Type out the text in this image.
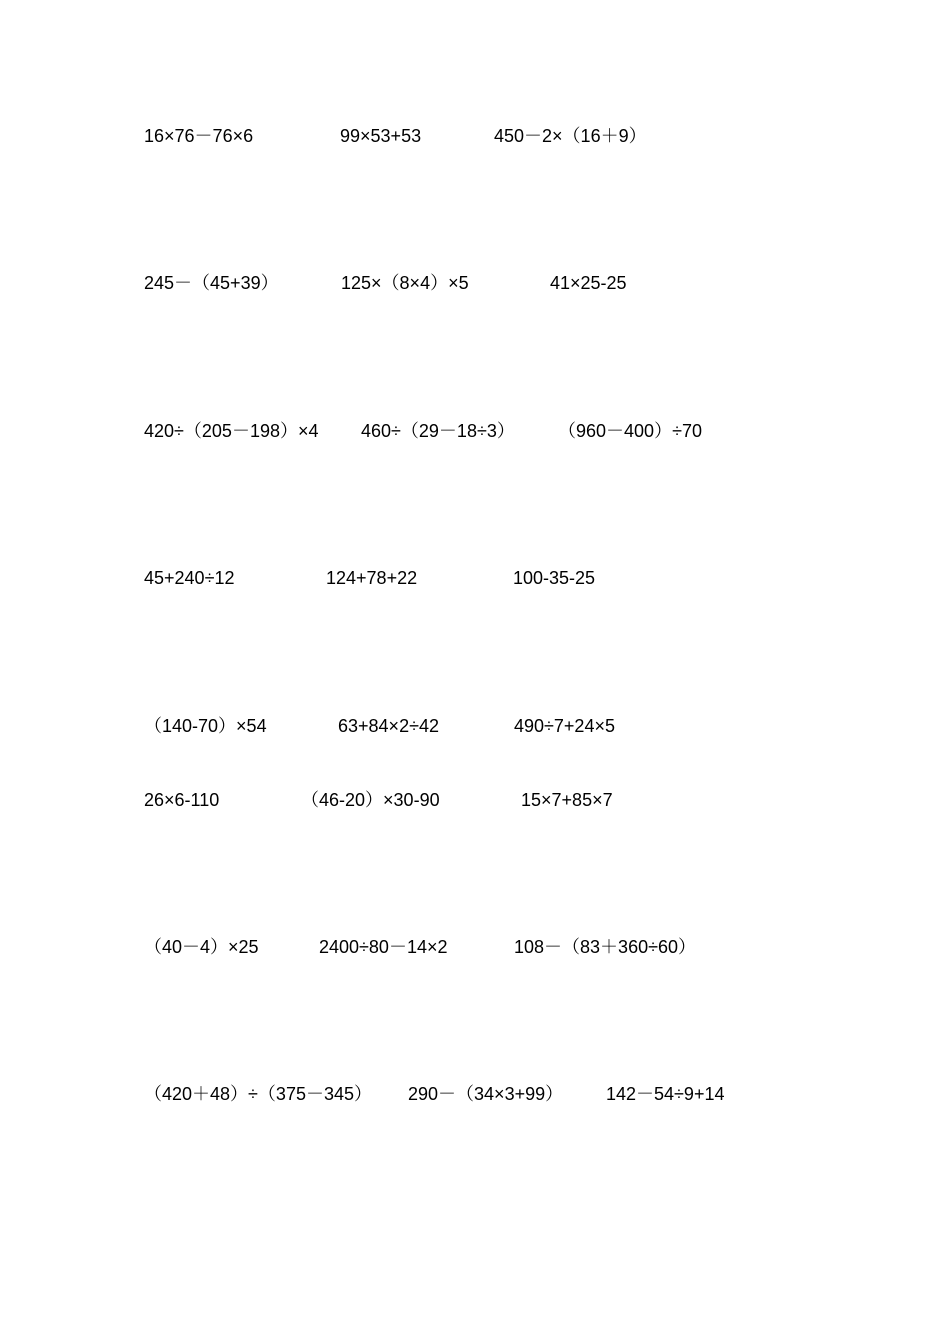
16×76－76×6	99×53+53	450－2×（16＋9）
245－（45+39）	125×（8×4）×5	41×25-25
420÷（205－198）×4 460÷（29－18÷3） （960－400）÷70
45+240÷12	124+78+22	100-35-25
（140-70）×54	63+84×2÷42	490÷7+24×5
26×6-110	（46-20）×30-90	15×7+85×7
（40－4）×25	2400÷80－14×2	108－（83＋360÷60）
（420＋48）÷（375－345） 290－（34×3+99） 142－54÷9+14
